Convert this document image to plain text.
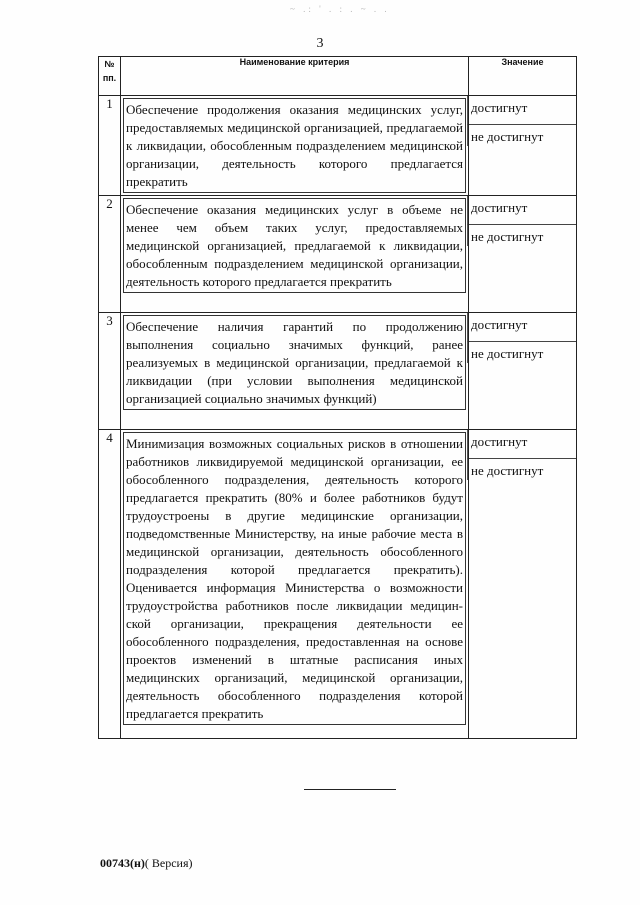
~ .: ' . : . ~ . .
3
№
пп.	Наименование критерия	Значение
1	Обеспечение продолжения оказания медицинских услуг, предоставляемых медицинской организацией, предлагаемой к ликвидации, обособленным подразделением медицинской организации, деятельность которого предлагается прекратить	достигнут
не достигнут

2	Обеспечение оказания медицинских услуг в объеме не менее чем объем таких услуг, предоставляемых медицинской организацией, предлагаемой к ликвидации, обособленным подразделением медицинской организации, деятельность которого предлагается прекратить	достигнут
не достигнут

3	Обеспечение наличия гарантий по продолжению выполнения социально значимых функций, ранее реализуемых в медицинской организации, предлагаемой к ликвидации (при условии выполнения медицинской организацией социально значимых функций)	достигнут
не достигнут

4	Минимизация возможных социальных рисков в отношении работников ликвидируемой медицинской организации, ее обособленного подразделения, деятельность которого предлагается прекратить (80% и более работников будут трудоустроены в другие медицинские организации, подведомственные Министерству, на иные рабочие места в медицинской организации, деятельность обособленного подразделения которой предлагается прекратить). Оценивается информация Министерства о возможности трудоустройства работников после ликвидации медицинской организации, прекращения деятельности ее обособленного подразделения, предоставленная на основе проектов изменений в штатные расписания иных медицинских организаций, медицинской организации, деятельность обособленного подразделения которой предлагается прекратить	достигнут
не достигнут
00743(н)( Версия)
